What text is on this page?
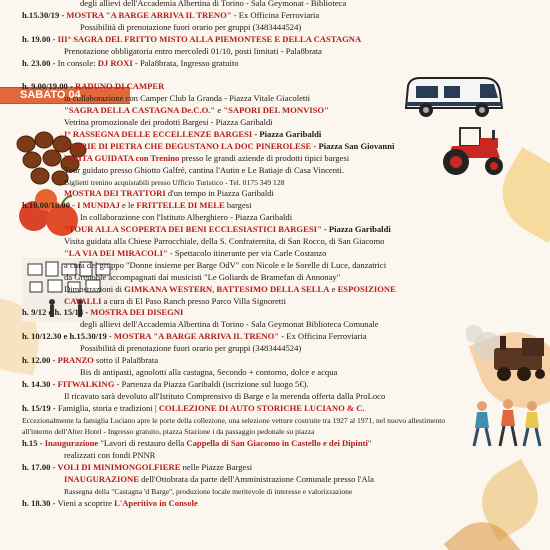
SABATO 04
degli allievi dell'Accademia Albertina di Torino - Sala Geymonat - Biblioteca
h.15.30/19 - MOSTRA "A BARGE ARRIVA IL TRENO" - Ex Officina Ferroviaria
Possibilità di prenotazione fuori orario per gruppi (3483444524)
h. 19.00 - III° SAGRA DEL FRITTO MISTO ALLA PIEMONTESE E DELLA CASTAGNA
Prenotazione obbligatoria entro mercoledì 01/10, posti limitati - Pala8brata
h. 23.00 - In console: DJ ROXI - Pala8brata, Ingresso gratuito
h. 9.00/19.00 - RADUNO DI CAMPER
in collaborazione con Camper Club la Granda - Piazza Vitale Giacoletti
"SAGRA DELLA CASTAGNA De.C.O." e "SAPORI DEL MONVISO"
Vetrina promozionale dei prodotti Bargesi - Piazza Garibaldi
I° RASSEGNA DELLE ECCELLENZE BARGESI - Piazza Garibaldi
STORIE DI PIETRA CHE DEGUSTANO LA DOC PINEROLESE - Piazza San Giovanni
VISITA GUIDATA con Trenino presso le grandi aziende di prodotti tipici bargesi
Tour guidato presso Ghiotto Galfrè, cantina l'Autin e Le Batiaje di Casa Vincenti.
Biglietti trenino acquistabili presso Ufficio Turistico - Tel. 0175 349 128
MOSTRA DEI TRATTORI d'un tempo in Piazza Garibaldi
h.10.00/18.00 - I MUNDAJ e le FRITTELLE DI MELE bargesi
In collaborazione con l'Istituto Alberghiero - Piazza Garibaldi
"TOUR ALLA SCOPERTA DEI BENI ECCLESIASTICI BARGESI" - Piazza Garibaldi
Visita guidata alla Chiese Parrocchiale, della S. Confraternita, di San Rocco, di San Giacomo
"LA VIA DEI MIRACOLI" - Spettacolo itinerante per via Carle Costanzo
a cura del gruppo "Donne insieme per Barge OdV" con Nicole e le Sorelle di Luce, danzatrici
da Grenoble accompagnati dai musicisti "Le Goliards de Bramefan di Annonay"
Dimostrazioni di GIMKANA WESTERN, BATTESIMO DELLA SELLA e ESPOSIZIONE
CAVALLI a cura di El Paso Ranch presso Parco Villa Signoretti
h. 9/12 e h. 15/18 - MOSTRA DEI DISEGNI
degli allievi dell'Accademia Albertina di Torino - Sala Geymonat Biblioteca Comunale
h. 10/12.30 e h.15.30/19 - MOSTRA "A BARGE ARRIVA IL TRENO" - Ex Officina Ferroviaria
Possibilità di prenotazione fuori orario per gruppi (3483444524)
h. 12.00 - PRANZO sotto il Pala8brata
Bis di antipasti, agnolotti alla castagna, Secondo + contorno, dolce e acqua
h. 14.30 - FITWALKING - Partenza da Piazza Garibaldi (iscrizione sul luogo 5€).
Il ricavato sarà devoluto all'Istituto Comprensivo di Barge e la merenda offerta dalla ProLoco
h. 15/19 - Famiglia, storia e tradizioni | COLLEZIONE DI AUTO STORICHE LUCIANO & C.
Eccezionalmente la famiglia Luciano apre le porte della collezione, una selezione vetture costruite tra 1927 al 1971, nel nuovo allestimento
all'interno dell'Alter Hotel - Ingresso gratuito, piazza Stazione i da passaggio pedonale su piazza
h.15 - Inaugurazione "Lavori di restauro della Cappella di San Giacomo in Castello e dei Dipinti"
realizzati con fondi PNNR
h. 17.00 - VOLI DI MINIMONGOLFIERE nelle Piazze Bargesi
INAUGURAZIONE dell'Ottobrata da parte dell'Amministrazione Comunale presso l'Ala
Rassegna della "Castagna 'd Barge", produzione locale meritevole di interesse e valorizzazione
h. 18.30 - Vieni a scoprire L'Aperitivo in Console
